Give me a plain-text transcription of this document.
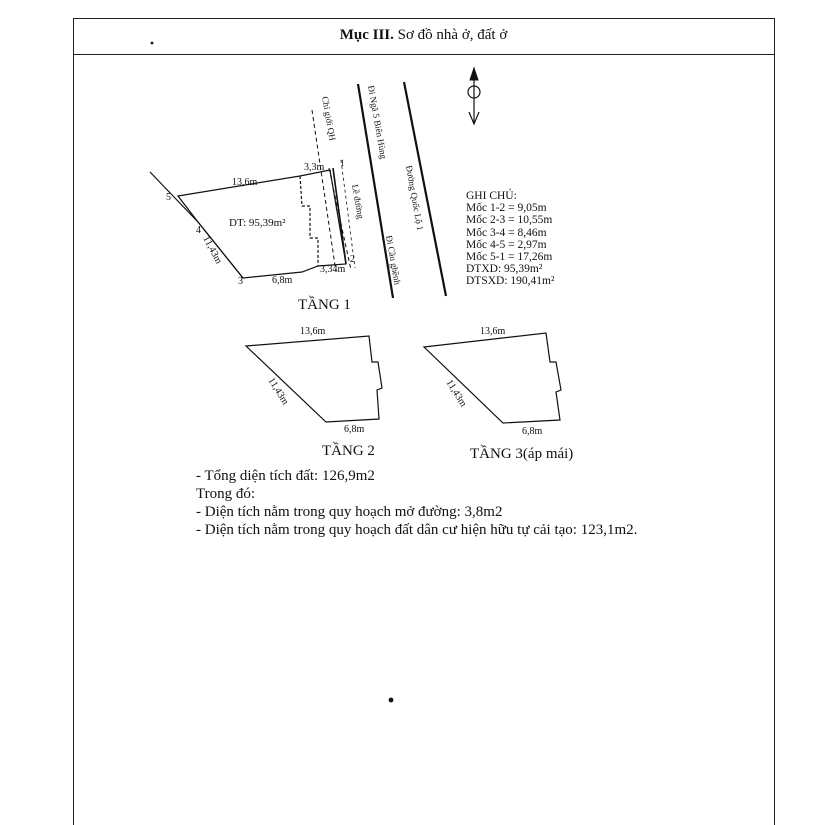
Mục III. Sơ đồ nhà ở, đất ở
13,6m
3,3m
6,8m
3,34m
11,43m
DT: 95,39m²
5
4
3
2
1
Đi Ngã 5 Biên Hùng
Chỉ giới QH
Lề đường
Đi Cầu ghềnh
Đường Quốc Lộ 1
13,6m
11,43m
6,8m
13,6m
11,43m
6,8m
TẦNG 1
TẦNG 2	TẦNG 3(áp mái)
GHI CHÚ:
Mốc 1-2 = 9,05m
Mốc 2-3 = 10,55m
Mốc 3-4 = 8,46m
Mốc 4-5 = 2,97m
Mốc 5-1 = 17,26m
DTXD: 95,39m²
DTSXD: 190,41m²
- Tổng diện tích đất: 126,9m2
Trong đó:
- Diện tích nằm trong quy hoạch mở đường: 3,8m2
- Diện tích nằm trong quy hoạch đất dân cư hiện hữu tự cải tạo: 123,1m2.
